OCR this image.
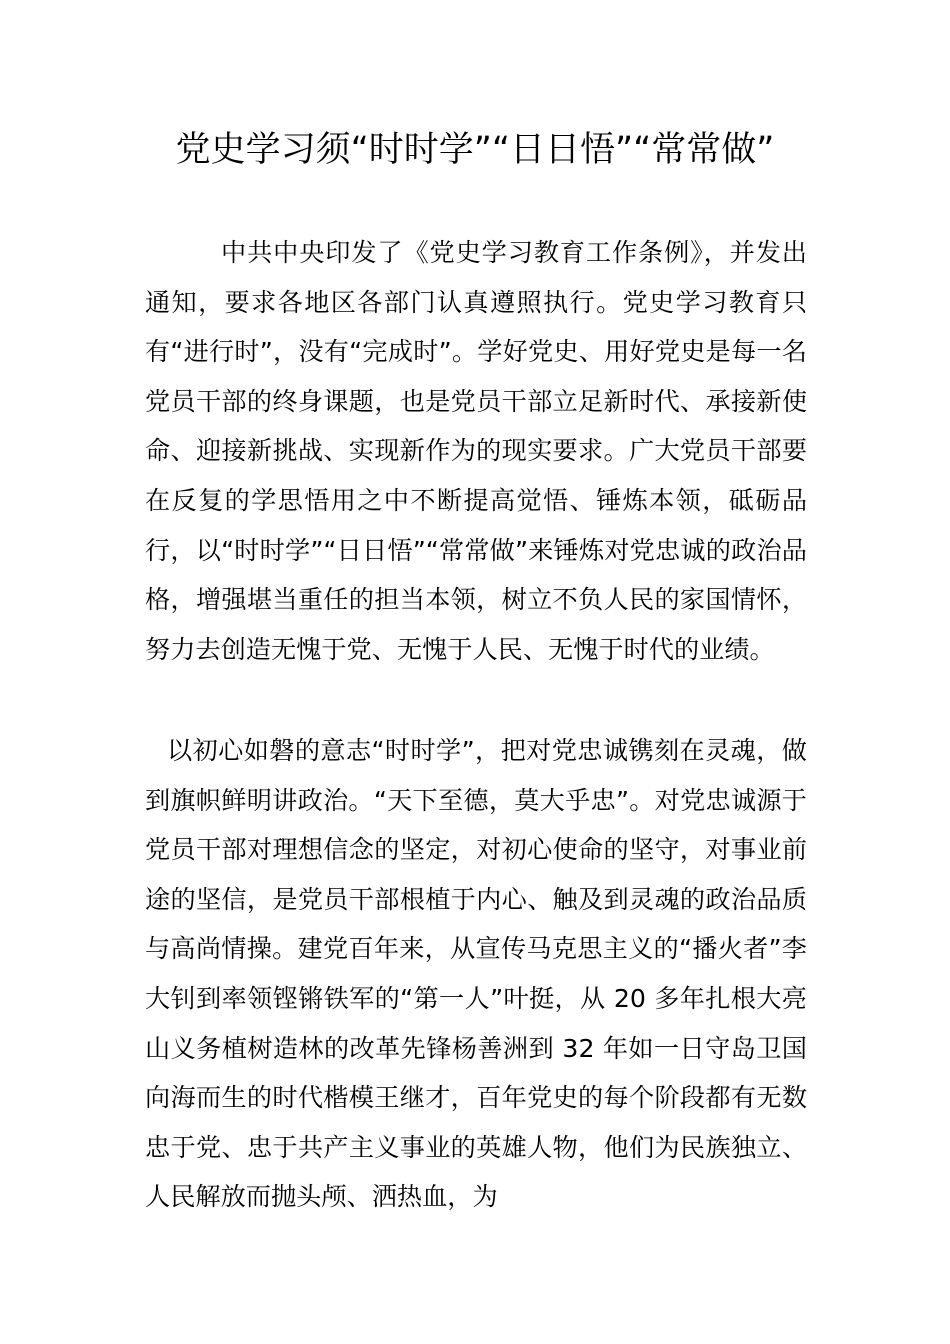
党史学习须“时时学”“日日悟”“常常做”

中共中央印发了《党史学习教育工作条例》，并发出通知，要求各地区各部门认真遵照执行。党史学习教育只有“进行时”，没有“完成时”。学好党史、用好党史是每一名党员干部的终身课题，也是党员干部立足新时代、承接新使命、迎接新挑战、实现新作为的现实要求。广大党员干部要在反复的学思悟用之中不断提高觉悟、锤炼本领，砥砺品行，以“时时学”“日日悟”“常常做”来锤炼对党忠诚的政治品格，增强堪当重任的担当本领，树立不负人民的家国情怀，努力去创造无愧于党、无愧于人民、无愧于时代的业绩。

以初心如磐的意志“时时学”，把对党忠诚镌刻在灵魂，做到旗帜鲜明讲政治。“天下至德，莫大乎忠”。对党忠诚源于党员干部对理想信念的坚定，对初心使命的坚守，对事业前途的坚信，是党员干部根植于内心、触及到灵魂的政治品质与高尚情操。建党百年来，从宣传马克思主义的“播火者”李大钊到率领铿锵铁军的“第一人”叶挺，从 20 多年扎根大亮山义务植树造林的改革先锋杨善洲到 32 年如一日守岛卫国向海而生的时代楷模王继才，百年党史的每个阶段都有无数忠于党、忠于共产主义事业的英雄人物，他们为民族独立、人民解放而抛头颅、洒热血，为
